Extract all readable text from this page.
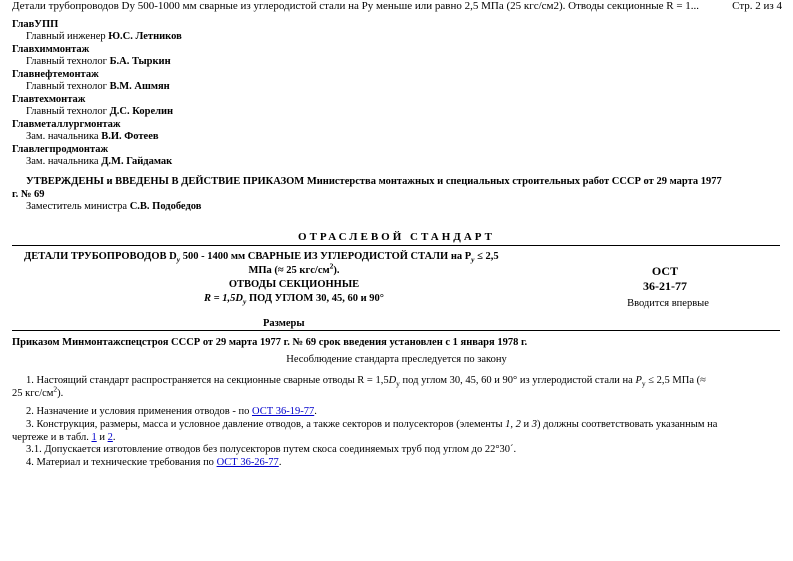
Детали трубопроводов Dу 500-1000 мм сварные из углеродистой стали на Ру меньше или равно 2,5 МПа (25 кгс/см2). Отводы секционные R = 1...	Стр. 2 из 4
ГлавУПП
Главный инженер Ю.С. Летников
Главхиммонтаж
Главный технолог Б.А. Тыркин
Главнефтемонтаж
Главный технолог В.М. Ашмян
Главтехмонтаж
Главный технолог Д.С. Корелин
Главметаллургмонтаж
Зам. начальника В.И. Фотеев
Главлегпродмонтаж
Зам. начальника Д.М. Гайдамак
УТВЕРЖДЕНЫ и ВВЕДЕНЫ В ДЕЙСТВИЕ ПРИКАЗОМ Министерства монтажных и специальных строительных работ СССР от 29 марта 1977
г. № 69
Заместитель министра С.В. Подобедов
ОТРАСЛЕВОЙ СТАНДАРТ
ДЕТАЛИ ТРУБОПРОВОДОВ $D_y$ 500 - 1400 мм СВАРНЫЕ ИЗ УГЛЕРОДИСТОЙ СТАЛИ на $P_y \le 2,5$
МПа (≈ 25 кгс/$см^2$).
ОТВОДЫ СЕКЦИОННЫЕ
$R = 1,5D_y$ ПОД УГЛОМ 30, 45, 60 и 90°
ОСТ
36-21-77
Вводится впервые
Размеры
Приказом Минмонтажспецстроя СССР от 29 марта 1977 г. № 69 срок введения установлен с 1 января 1978 г.
Несоблюдение стандарта преследуется по закону
1. Настоящий стандарт распространяется на секционные сварные отводы $R = 1,5D_y$ под углом 30, 45, 60 и 90° из углеродистой стали на $P_y \le 2,5$ МПа (≈
25 кгс/$см^2$).
2. Назначение и условия применения отводов - по ОСТ 36-19-77.
3. Конструкция, размеры, масса и условное давление отводов, а также секторов и полусекторов (элементы 1, 2 и 3) должны соответствовать указанным на
чертеже и в табл. 1 и 2.
3.1. Допускается изготовление отводов без полусекторов путем скоса соединяемых труб под углом до 22°30´.
4. Материал и технические требования по ОСТ 36-26-77.
